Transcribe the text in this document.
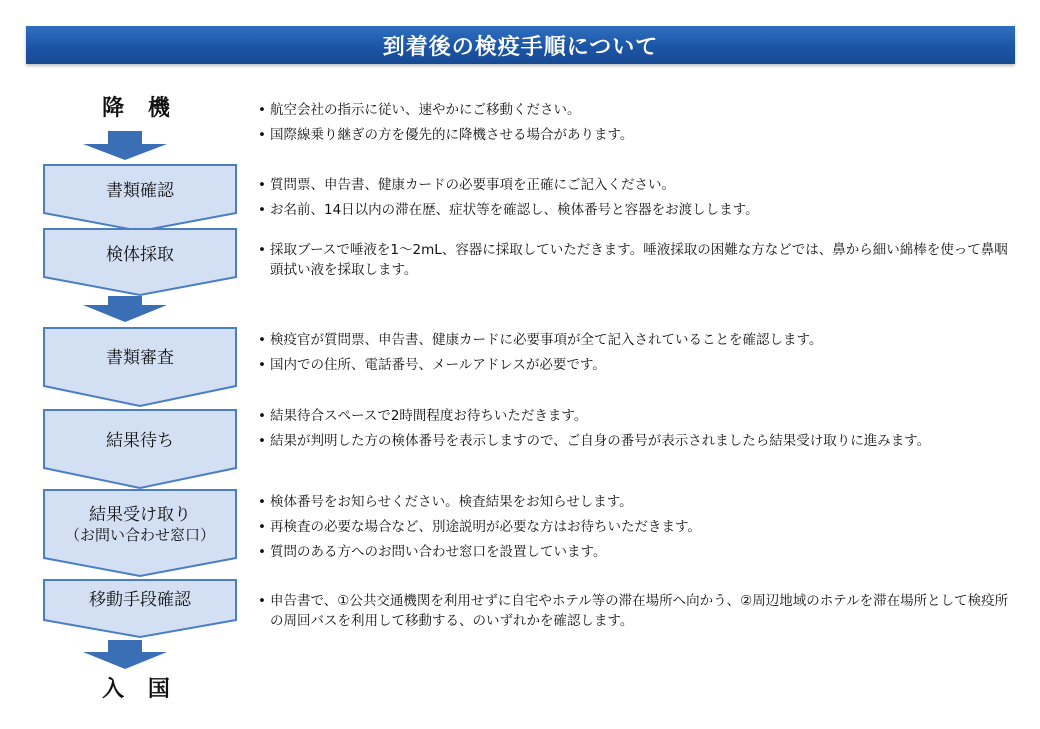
到着後の検疫手順について
降 機
書類確認
検体採取
書類審査
結果待ち
結果受け取り
（お問い合わせ窓口）
移動手段確認
入 国
• 航空会社の指示に従い、速やかにご移動ください。
• 国際線乗り継ぎの方を優先的に降機させる場合があります。
• 質問票、申告書、健康カードの必要事項を正確にご記入ください。
• お名前、14日以内の滞在歴、症状等を確認し、検体番号と容器をお渡しします。
• 採取ブースで唾液を1～2mL、容器に採取していただきます。唾液採取の困難な方などでは、鼻から細い綿棒を使って鼻咽頭拭い液を採取します。
• 検疫官が質問票、申告書、健康カードに必要事項が全て記入されていることを確認します。
• 国内での住所、電話番号、メールアドレスが必要です。
• 結果待合スペースで2時間程度お待ちいただきます。
• 結果が判明した方の検体番号を表示しますので、ご自身の番号が表示されましたら結果受け取りに進みます。
• 検体番号をお知らせください。検査結果をお知らせします。
• 再検査の必要な場合など、別途説明が必要な方はお待ちいただきます。
• 質問のある方へのお問い合わせ窓口を設置しています。
• 申告書で、①公共交通機関を利用せずに自宅やホテル等の滞在場所へ向かう、②周辺地域のホテルを滞在場所として検疫所の周回バスを利用して移動する、のいずれかを確認します。
